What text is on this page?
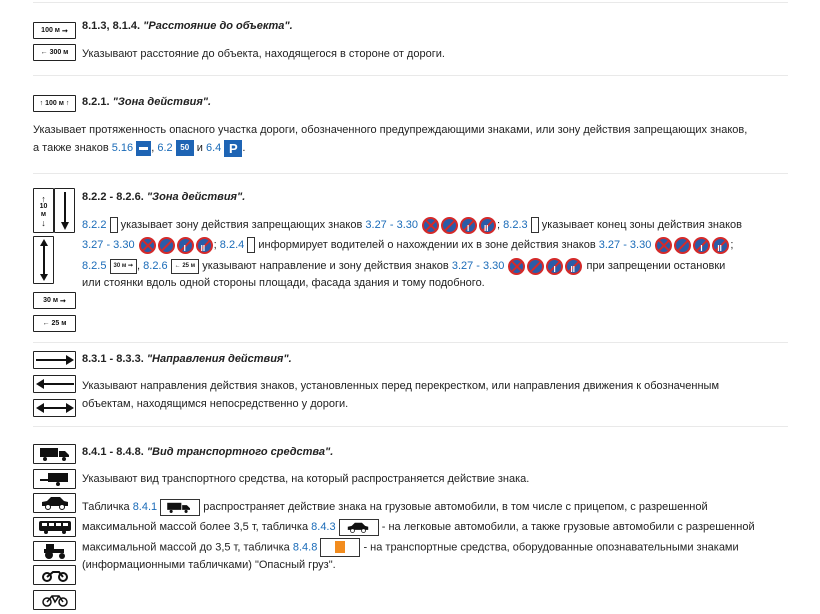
100 м
➞
←
300 м
8.1.3, 8.1.4. "Расстояние до объекта".
Указывают расстояние до объекта, находящегося в стороне от дороги.
↑
100 м
↑ 8.2.1. "Зона действия".
Указывает протяженность опасного участка дороги, обозначенного предупреждающими знаками, или зону действия запрещающих знаков,
а также знаков 5.16 , 6.2 50 и 6.4 P .
↑
10 м
↓
30 м
➞
←
25 м
8.2.2 - 8.2.6. "Зона действия".
8.2.2 указывает зону действия запрещающих знаков 3.27 - 3.30 I II	; 8.2.3 указывает конец зоны действия знаков
3.27 - 3.30 I II	; 8.2.4 информирует водителей о нахождении их в зоне действия знаков 3.27 - 3.30 I II	;
8.2.5 30 м ➞ , 8.2.6 ← 25 м указывают направление и зону действия знаков 3.27 - 3.30 I II	при запрещении остановки
или стоянки вдоль одной стороны площади, фасада здания и тому подобного.
8.3.1 - 8.3.3. "Направления действия".
Указывают направления действия знаков, установленных перед перекрестком, или направления движения к обозначенным
объектам, находящимся непосредственно у дороги.
8.4.1 - 8.4.8. "Вид транспортного средства".
Указывают вид транспортного средства, на который распространяется действие знака.
Табличка 8.4.1	распространяет действие знака на грузовые автомобили, в том числе с прицепом, с разрешенной
максимальной массой более 3,5 т, табличка 8.4.3	- на легковые автомобили, а также грузовые автомобили с разрешенной
максимальной массой до 3,5 т, табличка 8.4.8	- на транспортные средства, оборудованные опознавательными знаками
(информационными табличками) "Опасный груз".
